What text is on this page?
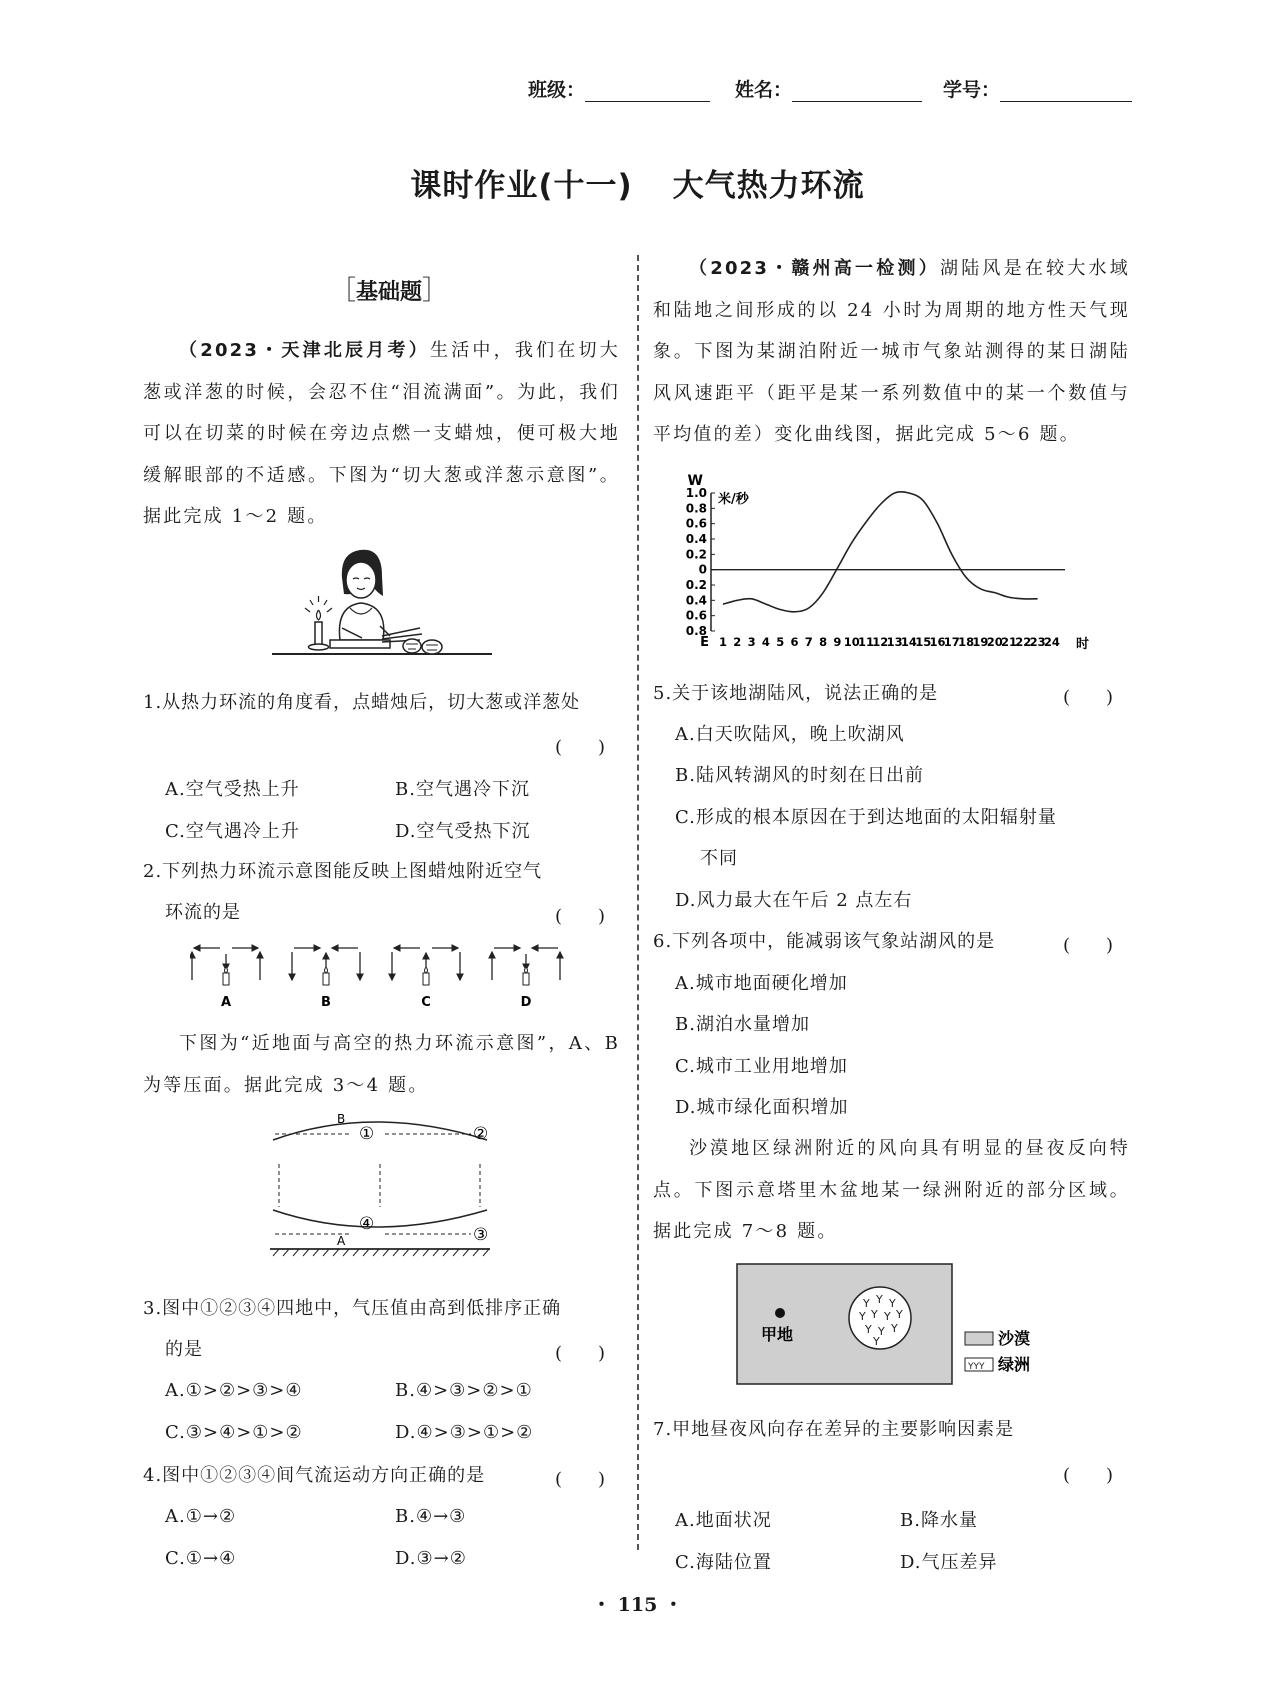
班级：	姓名：	学号：
课时作业(十一) 大气热力环流
［基础题］
（2023・天津北辰月考）生活中，我们在切大葱或洋葱的时候，会忍不住“泪流满面”。为此，我们可以在切菜的时候在旁边点燃一支蜡烛，便可极大地缓解眼部的不适感。下图为“切大葱或洋葱示意图”。据此完成 1～2 题。
1.从热力环流的角度看，点蜡烛后，切大葱或洋葱处
(　　)
A.空气受热上升	B.空气遇冷下沉
C.空气遇冷上升	D.空气受热下沉
2.下列热力环流示意图能反映上图蜡烛附近空气
环流的是	(　　)
A	B	C	D
下图为“近地面与高空的热力环流示意图”，A、B 为等压面。据此完成 3～4 题。
B
A
①	②
③
④
3.图中①②③④四地中，气压值由高到低排序正确
的是	(　　)
A.①>②>③>④	B.④>③>②>①
C.③>④>①>②	D.④>③>①>②
4.图中①②③④间气流运动方向正确的是	(　　)
A.①→②	B.④→③
C.①→④	D.③→②
（2023・赣州高一检测）湖陆风是在较大水域和陆地之间形成的以 24 小时为周期的地方性天气现象。下图为某湖泊附近一城市气象站测得的某日湖陆风风速距平（距平是某一系列数值中的某一个数值与平均值的差）变化曲线图，据此完成 5～6 题。
W
米/秒
E	时
1.0
0.8
0.6
0.4
0.2
0
0.2
0.4
0.6
0.8
1 2 3 4 5 6 7 8 9 10
11
12
13
14
15
16
17
18
19
20
21
22
23
24
5.关于该地湖陆风，说法正确的是	(　　)
A.白天吹陆风，晚上吹湖风
B.陆风转湖风的时刻在日出前
C.形成的根本原因在于到达地面的太阳辐射量
不同
D.风力最大在午后 2 点左右
6.下列各项中，能减弱该气象站湖风的是	(　　)
A.城市地面硬化增加
B.湖泊水量增加
C.城市工业用地增加
D.城市绿化面积增加
沙漠地区绿洲附近的风向具有明显的昼夜反向特点。下图示意塔里木盆地某一绿洲附近的部分区域。据此完成 7～8 题。
Y Y Y
Y Y Y Y
Y Y Y
Y
甲地	沙漠
YYY 绿洲
7.甲地昼夜风向存在差异的主要影响因素是
(　　)
A.地面状况	B.降水量
C.海陆位置	D.气压差异
・ 115 ・
